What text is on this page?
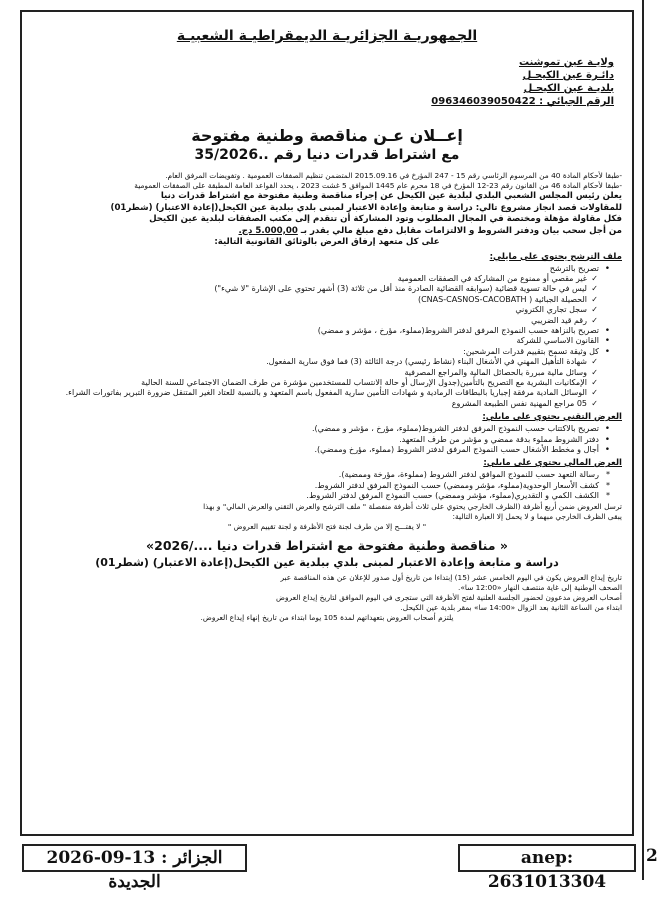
الجمهوريـة الجزائريـة الديمقراطيـة الشعبيـة
ولايـة عين تموشنت
دائـرة عين الكيحـل
بلديـة عين الكيحـل
الرقم الجبائي : 096346039050422
إعــلان عـن مناقصة وطنية مفتوحة
مع اشتراط قدرات دنيا رقم ..35/2026

-طبقا لأحكام المادة 40 من المرسوم الرئاسي رقم 15 - 247 المؤرخ في 2015.09.16 المتضمن تنظيم الصفقات العمومية . وتفويضات المرفق العام.

-طبقا لأحكام المادة 46 من القانون رقم 23-12 المؤرخ في 18 محرم عام 1445 الموافق 5 غشت 2023 ، يحدد القواعد العامة المطبقة على الصفقات العمومية

يعلن رئيس المجلس الشعبي البلدي لبلدية عين الكيحل عن إجراء مناقصة وطنية مفتوحة مع اشتراط قدرات دنيا

للمقاولات قصد انجاز مشروع تالي: دراسة و متابعة وإعادة الاعتبار لمبنى بلدي ببلدية عين الكيحل(إعادة الاعتبار) (شطر01)

فكل مقاولة مؤهلة ومختصة في المجال المطلوب وتود المشاركة أن تتقدم إلى مكتب الصفقات لبلدية عين الكيحل

من أجل سحب بيان ودفتر الشروط و الالتزامات مقابل دفع مبلغ مالي يقدر بـ 5.000,00 دج.

على كل متعهد إرفاق العرض بالوثائق القانونية التالية:

ملف الترشح يحتوي على مايلي:
• تصريح بالترشح
✓ غير مقصي أو ممنوع من المشاركة في الصفقات العمومية
✓ ليس في حالة تسوية قضائية (سوابقه القضائية الصادرة منذ أقل من ثلاثة (3) أشهر تحتوي على الإشارة "لا شيء")
✓ الحصيلة الجبائية ( CNAS-CASNOS-CACOBATH)
✓ سجل تجاري الكتروني
✓ رقم قيد الضريبي
• تصريح بالنزاهة حسب النموذج المرفق لدفتر الشروط(مملوء، مؤرخ ، مؤشر و ممضي)
• القانون الاساسي للشركة
• كل وثيقة تسمح بتقييم قدرات المرشحين:
✓ شهادة التأهيل المهني في الأشغال البناء (نشاط رئيسي) درجة الثالثة (3) فما فوق سارية المفعول.
✓ وسائل مالية مبررة بالحصائل المالية والمراجع المصرفية
✓ الإمكانيات البشرية مع التصريح بالتأمين(جدول الإرسال أو حالة الانتساب للمستخدمين مؤشرة من طرف الضمان الاجتماعي للسنة الحالية
✓ الوسائل المادية مرفقة إجباريا بالبطاقات الرمادية و شهادات التأمين سارية المفعول باسم المتعهد و بالنسبة للعتاد الغير المتنقل ضرورة التبرير بفاتورات الشراء.
✓ 05 مراجع المهنية نفس الطبيعة المشروع
العرض التقني يحتوي على مايلي:
• تصريح بالاكتتاب حسب النموذج المرفق لدفتر الشروط(مملوء، مؤرخ ، مؤشر و ممضي).
• دفتر الشروط مملوء بدقة ممضي و مؤشر من طرف المتعهد.
• أجال و مخطط الأشغال حسب النموذج المرفق لدفتر الشروط (مملوء، مؤرخ وممضي).
العرض المالي يحتوي على مايلي:
* رسالة التعهد حسب للنموذج الموافق لدفتر الشروط (مملوءة، مؤرخة وممضية).
* كشف الأسعار الوحدوية(مملوء، مؤشر وممضي) حسب النموذج المرفق لدفتر الشروط.
* الكشف الكمي و التقديري(مملوء، مؤشر وممضي) حسب النموذج المرفق لدفتر الشروط.

ترسل العروض ضمن أربع أظرفة (الظرف الخارجي يحتوي على ثلاث أظرفة منفصلة " ملف الترشح والعرض التقني والعرض المالي" و بهذا

يبقى الظرف الخارجي مبهما و لا يحمل إلا العبارة التالية:

" لا يفتـــح إلا من طرف لجنة فتح الأظرفة و لجنة تقييم العروض "

« مناقصة وطنية مفتوحة مع اشتراط قدرات دنيا ..../2026»
دراسة و متابعة وإعادة الاعتبار لمبنى بلدي ببلدية عين الكيحل(إعادة الاعتبار) (شطر01)

تاريخ إيداع العروض يكون في اليوم الخامس عشر (15) إبتداءا من تاريخ أول صدور للإعلان عن هذه المناقصة عبر

الصحف الوطنية إلى غاية منتصف النهار «12:00 سا».

أصحاب العروض مدعوون لحضور الجلسة العلنية لفتح الأظرفة التي ستجرى في اليوم الموافق لتاريخ إيداع العروض

ابتداء من الساعة الثانية بعد الزوال «14:00 سا» بمقر بلدية عين الكيحل.

يلتزم أصحاب العروض بتعهداتهم لمدة 105 يوما ابتداء من تاريخ إنهاء إيداع العروض.

2026-09-13 : الجزائر الجديدة
anep: 2631013304
2
